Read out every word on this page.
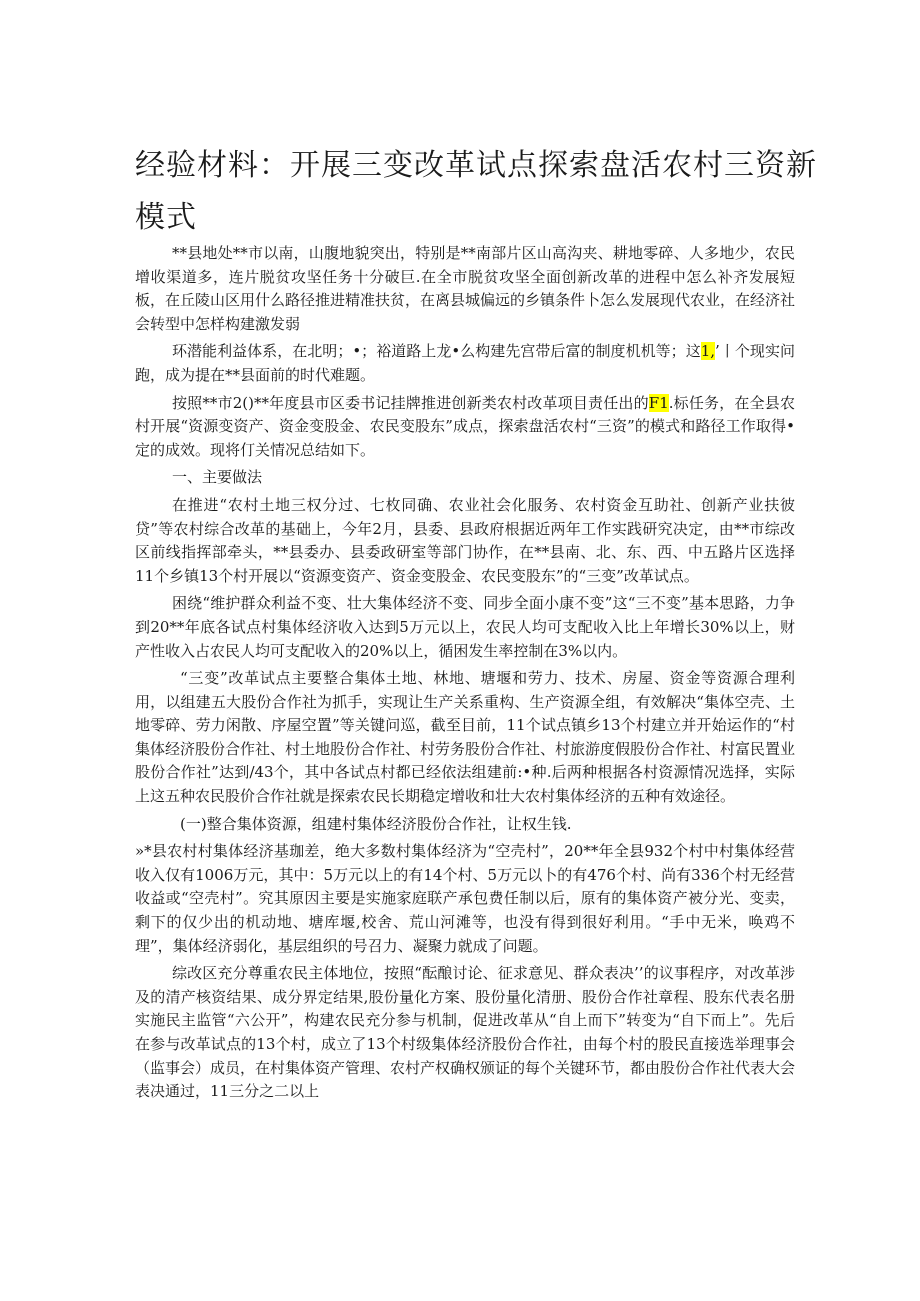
经验材料：开展三变改革试点探索盘活农村三资新
模式

**县地处**市以南，山腹地貌突出，特别是**南部片区山高沟夹、耕地零碎、人多地少，农民增收渠道多，连片脱贫攻坚任务十分破巨.在全市脱贫攻坚全面创新改革的进程中怎么补齐发展短板，在丘陵山区用什么路径推进精准扶贫，在离县城偏远的乡镇条件卜怎么发展现代农业，在经济社会转型中怎样构建激发弱

环潜能利益体系，在北明；•；裕道路上龙•么构建先宫带后富的制度机机等；这1,’丨个现实问跑，成为提在**县面前的时代难题。

按照**市2()**年度县市区委书记挂牌推进创新类农村改革项目责任出的F1.标任务，在全县农村开展“资源变资产、资金变股金、农民变股东”成点，探索盘活农村“三资”的模式和路径工作取得•定的成效。现将仃关情况总结如下。

一、主要做法

在推进“农村土地三权分过、七枚同确、农业社会化服务、农村资金互助社、创新产业扶彼贷”等农村综合改革的基础上，今年2月，县委、县政府根据近两年工作实践研究决定，由**市综改区前线指挥部牵头，**县委办、县委政研室等部门协作，在**县南、北、东、西、中五路片区选择11个乡镇13个村开展以“资源变资产、资金变股金、农民变股东”的“三变”改革试点。

困绕“维护群众利益不变、壮大集体经济不变、同步全面小康不变”这“三不变”基本思路，力争到20**年底各试点村集体经济收入达到5万元以上，农民人均可支配收入比上年增长30%以上，财产性收入占农民人均可支配收入的20%以上，循困发生率控制在3%以内。

“三变”改革试点主要整合集体土地、林地、塘堰和劳力、技术、房屋、资金等资源合理利用，以组建五大股份合作社为抓手，实现让生产关系重构、生产资源全组，有效解决“集体空壳、土地零碎、劳力闲散、序屋空置”等关键问巡，截至目前，11个试点镇乡13个村建立并开始运作的“村集体经济股份合作社、村土地股份合作社、村劳务股份合作社、村旅游度假股份合作社、村富民置业股份合作社”达到/43个，其中各试点村都已经依法组建前:•种.后两种根据各村资源情况选择，实际上这五种农民股价合作社就是探索农民长期稳定增收和壮大农村集体经济的五种有效途径。

(一)整合集体资源，组建村集体经济股份合作社，让权生钱.

»*县农村村集体经济基珈差，绝大多数村集体经济为“空壳村”，20**年全县932个村中村集体经营收入仅有1006万元，其中：5万元以上的有14个村、5万元以卜的有476个村、尚有336个村无经营收益或“空壳村”。究其原因主要是实施家庭联产承包费任制以后，原有的集体资产被分光、变卖，剩下的仅少出的机动地、塘库堰,校舍、荒山河滩等，也没有得到很好利用。“手中无米，唤鸡不理”，集体经济弱化，基层组织的号召力、凝聚力就成了问题。

综改区充分尊重农民主体地位，按照“酝酿讨论、征求意见、群众表决’’的议事程序，对改革涉及的清产核资结果、成分界定结果,股份量化方案、股份量化清册、股份合作社章程、股东代表名册实施民主监管“六公开”，构建农民充分参与机制，促进改革从“自上而下”转变为“自下而上”。先后在参与改革试点的13个村，成立了13个村级集体经济股份合作社，由每个村的股民直接选举理事会（监事会）成员，在村集体资产管理、农村产权确权颁证的每个关键环节，都由股份合作社代表大会表决通过，11三分之二以上
